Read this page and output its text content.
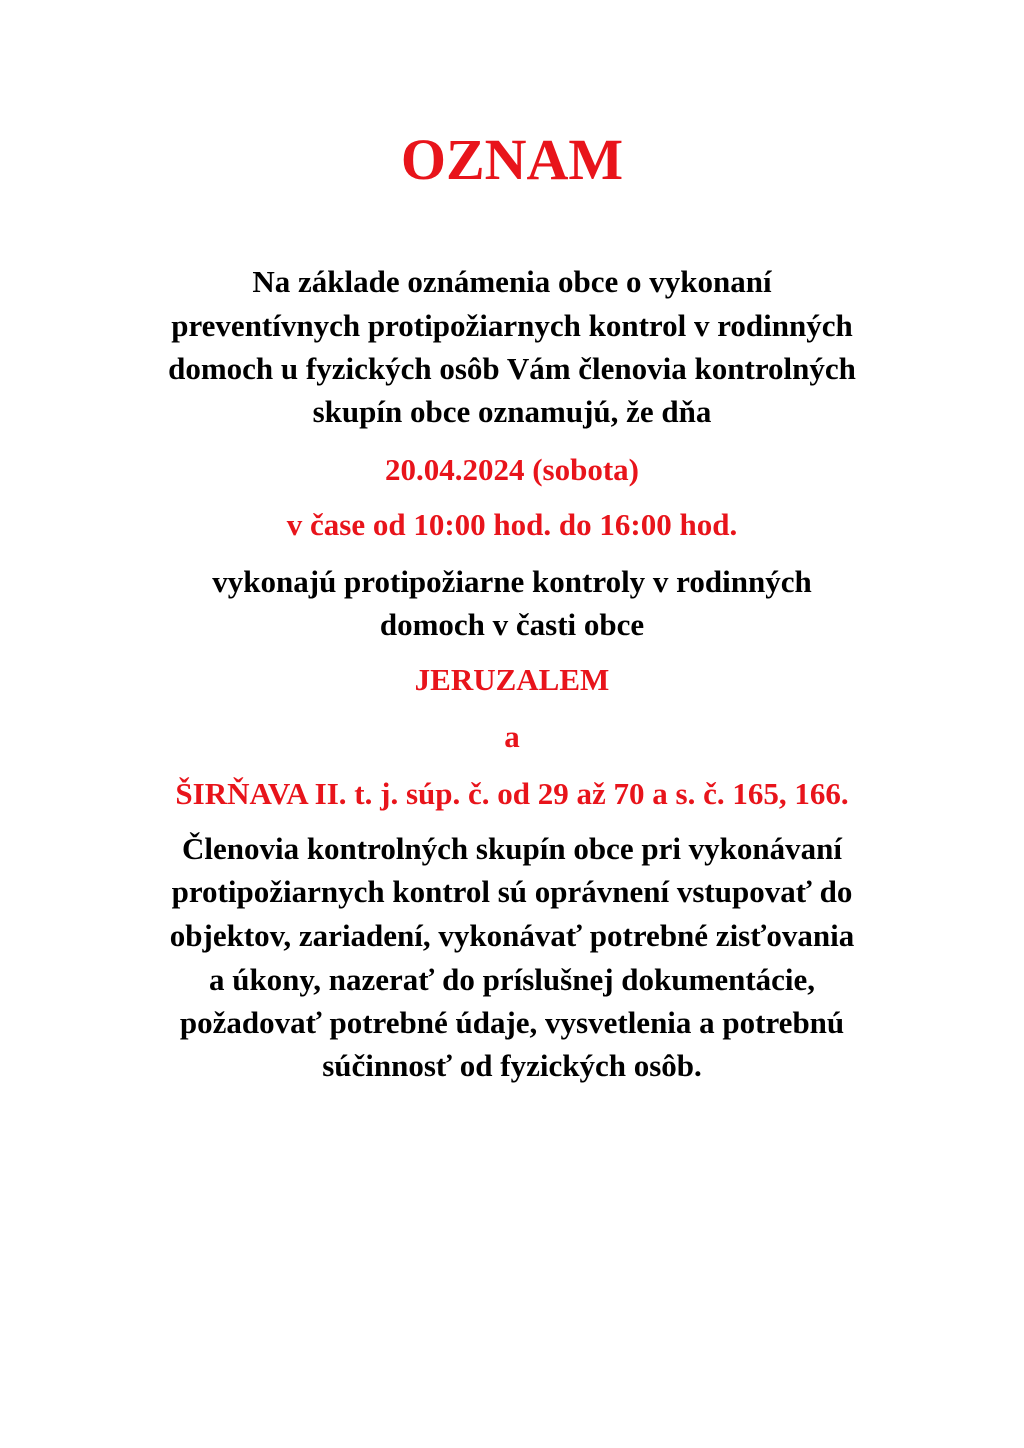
OZNAM
Na základe oznámenia obce o vykonaní
preventívnych protipožiarnych kontrol v rodinných
domoch u fyzických osôb Vám členovia kontrolných
skupín obce oznamujú, že dňa
20.04.2024 (sobota)
v čase od 10:00 hod. do 16:00 hod.
vykonajú protipožiarne kontroly v rodinných
domoch v časti obce
JERUZALEM
a
ŠIRŇAVA II. t. j. súp. č. od 29 až 70 a s. č. 165, 166.
Členovia kontrolných skupín obce pri vykonávaní
protipožiarnych kontrol sú oprávnení vstupovať do
objektov, zariadení, vykonávať potrebné zisťovania
a úkony, nazerať do príslušnej dokumentácie,
požadovať potrebné údaje, vysvetlenia a potrebnú
súčinnosť od fyzických osôb.
